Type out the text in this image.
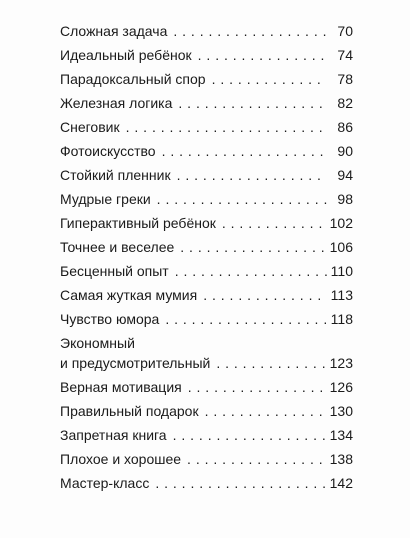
Сложная задача . . .	70
Идеальный ребёнок . . .	74
Парадоксальный спор . . .	78
Железная логика . . .	82
Снеговик . . .	86
Фотоискусство . . .	90
Стойкий пленник . . .	94
Мудрые греки . . .	98
Гиперактивный ребёнок . . .	102
Точнее и веселее . . .	106
Бесценный опыт . . .	110
Самая жуткая мумия . . .	113
Чувство юмора . . .	118
Экономный
и предусмотрительный . . .	123
Верная мотивация . . .	126
Правильный подарок . . .	130
Запретная книга . . .	134
Плохое и хорошее . . .	138
Мастер-класс . . .	142
